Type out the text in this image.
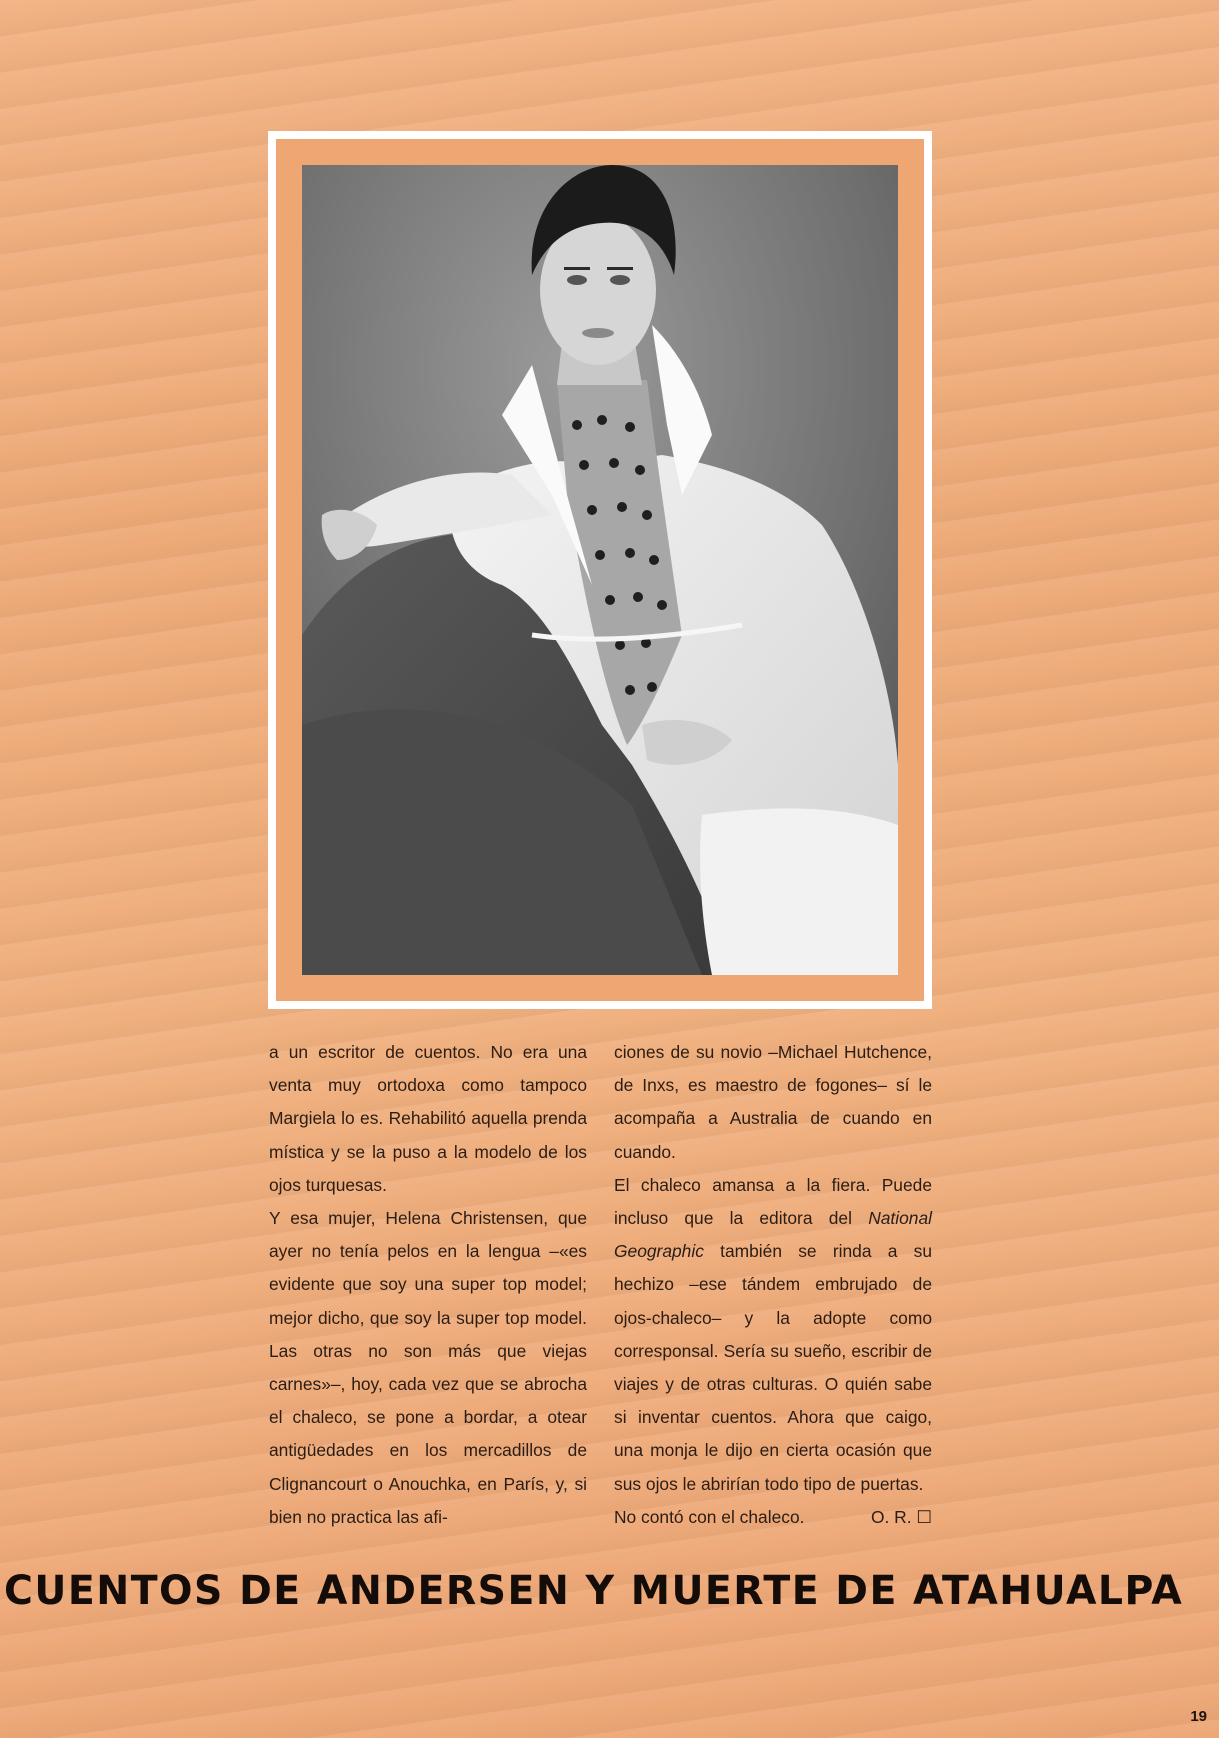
a un escritor de cuentos. No era una venta muy ortodoxa como tampoco Margiela lo es. Rehabilitó aquella prenda mística y se la puso a la modelo de los ojos turquesas.

Y esa mujer, Helena Christensen, que ayer no tenía pelos en la lengua –«es evidente que soy una super top model; mejor dicho, que soy la super top model. Las otras no son más que viejas carnes»–, hoy, cada vez que se abrocha el chaleco, se pone a bordar, a otear antigüedades en los mercadillos de Clignancourt o Anouchka, en París, y, si bien no practica las afi-

ciones de su novio –Michael Hutchence, de Inxs, es maestro de fogones– sí le acompaña a Australia de cuando en cuando.

El chaleco amansa a la fiera. Puede incluso que la editora del National Geographic también se rinda a su hechizo –ese tándem embrujado de ojos-chaleco– y la adopte como corresponsal. Sería su sueño, escribir de viajes y de otras culturas. O quién sabe si inventar cuentos. Ahora que caigo, una monja le dijo en cierta ocasión que sus ojos le abrirían todo tipo de puertas.

No contó con el chaleco.	O. R. ☐

CUENTOS DE ANDERSEN Y MUERTE DE ATAHUALPA
19
